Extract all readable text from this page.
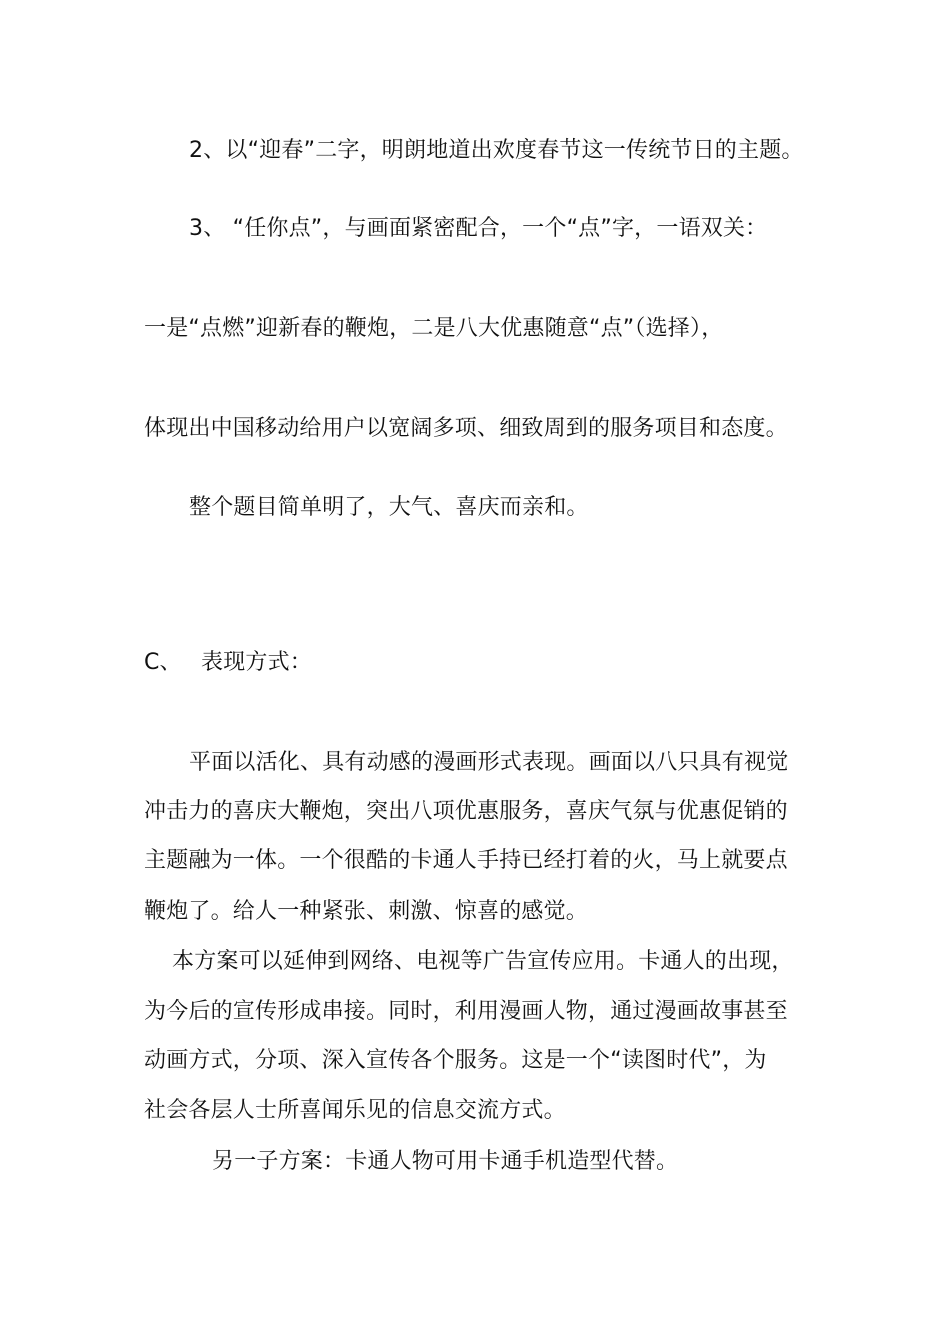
2、以“迎春”二字，明朗地道出欢度春节这一传统节日的主题。
3、 “任你点”，与画面紧密配合，一个“点”字，一语双关：
一是“点燃”迎新春的鞭炮，二是八大优惠随意“点”（选择），
体现出中国移动给用户以宽阔多项、细致周到的服务项目和态度。
整个题目简单明了，大气、喜庆而亲和。
C、 表现方式：
平面以活化、具有动感的漫画形式表现。画面以八只具有视觉
冲击力的喜庆大鞭炮，突出八项优惠服务，喜庆气氛与优惠促销的
主题融为一体。一个很酷的卡通人手持已经打着的火，马上就要点
鞭炮了。给人一种紧张、刺激、惊喜的感觉。
本方案可以延伸到网络、电视等广告宣传应用。卡通人的出现，
为今后的宣传形成串接。同时，利用漫画人物，通过漫画故事甚至
动画方式，分项、深入宣传各个服务。这是一个“读图时代”，为
社会各层人士所喜闻乐见的信息交流方式。
另一子方案：卡通人物可用卡通手机造型代替。
